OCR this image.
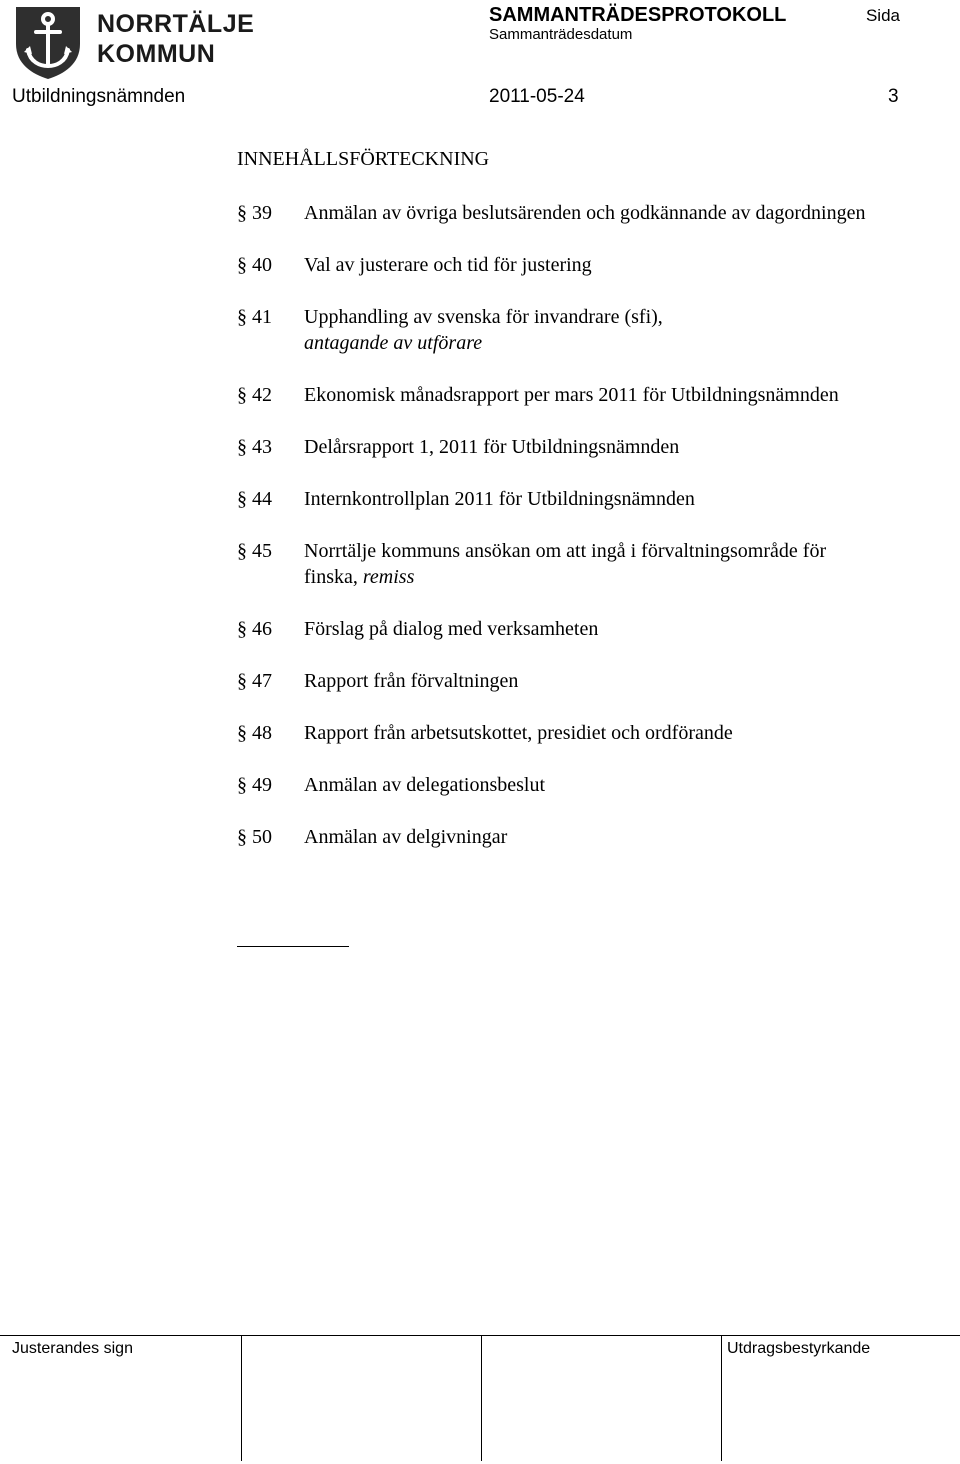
NORRTÄLJE
KOMMUN
SAMMANTRÄDESPROTOKOLL
Sammanträdesdatum
Sida
Utbildningsnämnden	2011-05-24	3
INNEHÅLLSFÖRTECKNING
§ 39	Anmälan av övriga beslutsärenden och godkännande av dagordningen
§ 40	Val av justerare och tid för justering
§ 41	Upphandling av svenska för invandrare (sfi),
antagande av utförare
§ 42	Ekonomisk månadsrapport per mars 2011 för Utbildningsnämnden
§ 43	Delårsrapport 1, 2011 för Utbildningsnämnden
§ 44	Internkontrollplan 2011 för Utbildningsnämnden
§ 45	Norrtälje kommuns ansökan om att ingå i förvaltningsområde för finska, remiss
§ 46	Förslag på dialog med verksamheten
§ 47	Rapport från förvaltningen
§ 48	Rapport från arbetsutskottet, presidiet och ordförande
§ 49	Anmälan av delegationsbeslut
§ 50	Anmälan av delgivningar
Justerandes sign	Utdragsbestyrkande
